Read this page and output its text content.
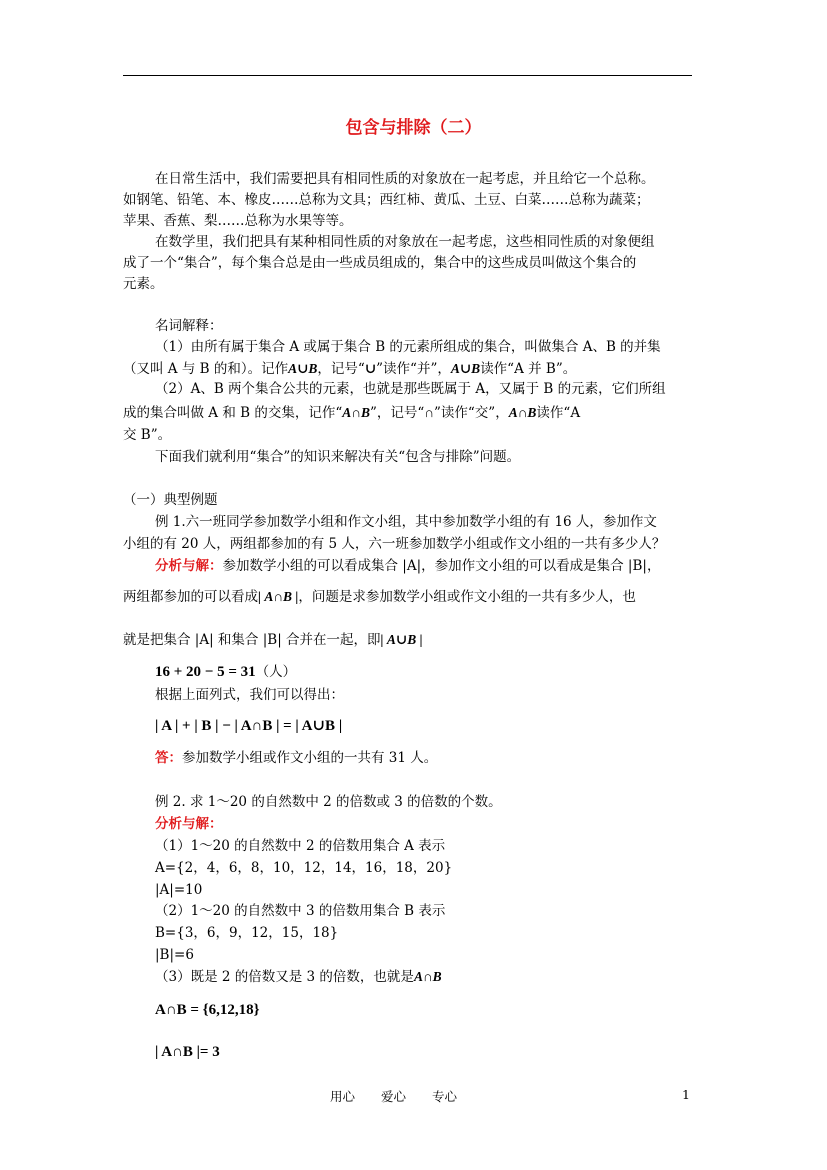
包含与排除（二）
在日常生活中，我们需要把具有相同性质的对象放在一起考虑，并且给它一个总称。
如钢笔、铅笔、本、橡皮……总称为文具；西红柿、黄瓜、土豆、白菜……总称为蔬菜；
苹果、香蕉、梨……总称为水果等等。
在数学里，我们把具有某种相同性质的对象放在一起考虑，这些相同性质的对象便组
成了一个“集合”，每个集合总是由一些成员组成的，集合中的这些成员叫做这个集合的
元素。
名词解释：
（1）由所有属于集合 A 或属于集合 B 的元素所组成的集合，叫做集合 A、B 的并集
（又叫 A 与 B 的和）。记作A∪B，记号“∪”读作“并”，A∪B读作“A 并 B”。
（2）A、B 两个集合公共的元素，也就是那些既属于 A，又属于 B 的元素，它们所组
成的集合叫做 A 和 B 的交集，记作“A∩B”，记号“∩”读作“交”，A∩B读作“A
交 B”。
下面我们就利用“集合”的知识来解决有关“包含与排除”问题。
（一）典型例题
例 1.六一班同学参加数学小组和作文小组，其中参加数学小组的有 16 人，参加作文
小组的有 20 人，两组都参加的有 5 人，六一班参加数学小组或作文小组的一共有多少人？
分析与解：参加数学小组的可以看成集合 |A|，参加作文小组的可以看成是集合 |B|，
两组都参加的可以看成| A∩B |，问题是求参加数学小组或作文小组的一共有多少人，也
就是把集合 |A| 和集合 |B| 合并在一起，即| A∪B |
16 + 20 − 5 = 31（人）
根据上面列式，我们可以得出：
| A | + | B | − | A∩B | = | A∪B |
答：参加数学小组或作文小组的一共有 31 人。
例 2. 求 1～20 的自然数中 2 的倍数或 3 的倍数的个数。
分析与解：
（1）1～20 的自然数中 2 的倍数用集合 A 表示
A={2，4，6，8，10，12，14，16，18，20}
|A|=10
（2）1～20 的自然数中 3 的倍数用集合 B 表示
B={3，6，9，12，15，18}
|B|=6
（3）既是 2 的倍数又是 3 的倍数，也就是A∩B
A∩B = {6,12,18}
| A∩B |= 3
用心 爱心 专心	1
